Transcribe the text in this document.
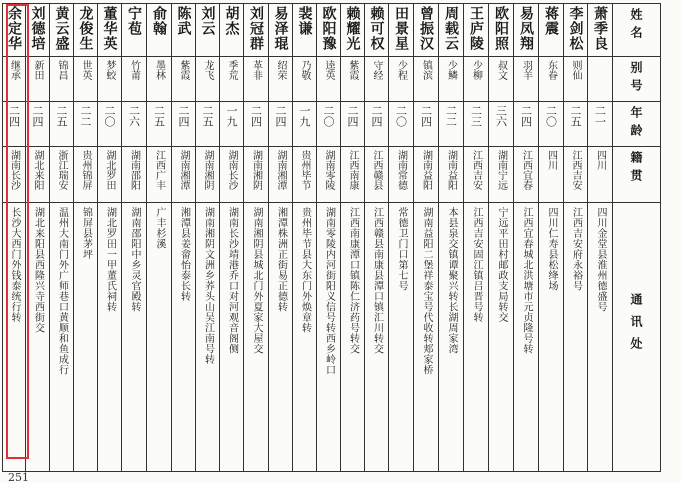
余定华	刘德培	黄云盛	龙俊生	董华英	宁苞	俞翰	陈武	刘云	胡杰	刘冠群	易泽琨	裴谦	欧阳豫	赖耀光	赖可权	田景星	曾振汉	周载云	王庐陵	欧阳照	易凤翔	蒋震	李剑松	萧季良	姓名
继承	新田	锦昌	世英	梦蛟	竹莆	墨林	紫霞	龙飞	季荒	革非	绍荣	乃敬	逵英	紫霞	守经	少程	镇滨	少鳞	少柳	叔文	羽羊	东眷	则仙		别号
二四	二四	二五	二二	二〇	二六	二五	二四	二五	一九	二四	二四	一九	二〇	二四	二四	二〇	二四	二二	二三	三六	二四	二〇	二五	二一	年龄
湖南长沙	湖北来阳	浙江瑞安	贵州锦屏	湖北罗田	湖南邵阳	江西广丰	湖南湘潭	湖南湘阴	湖南长沙	湖南湘阴	湖南湘潭	贵州毕节	湖南零陵	江西南康	江西赣县	湖南常德	湖南益阳	湖南益阳	江西吉安	湖南宁远	江西宜春	四川	江西吉安	四川	籍贯
长沙大西门外钱泰统行转	湖北来阳县西隆兴寺西街交	温州大南门外广师巷口黄顺和鱼成行	锦屏县茅坪	湖北罗田一甲董氏祠转	湖南邵阳中乡灵官殿转	广丰杉溪	湘潭县姜畲怡泰长转	湖南湘阴文洲乡荞头山吴江南号转	湖南长沙靖港乔口对河观音阁侧	湖南湘阴县城北门外夏家大屋交	湘潭株洲正街易正德转	贵州毕节县大东门外焕章转	湖南零陵内河街阳义信号转西乡岭口	江西南康潭口镇陈仁济药号转交	江西赣县南康县潭口镇汇川转交	常德卫门口第七号	湖南益阳二堡祥泰宝号代收转郏家桥	本县泉交镇谭聚兴转长湖周家湾	江西吉安固江镇吕晋号转	宁远平田村邮政支局转交	江西宜春城北洪塘市元贞隆号转	四川仁寿县松绛场	江西吉安府永裕号	四川金堂县淮州德盛号	通讯处
251
